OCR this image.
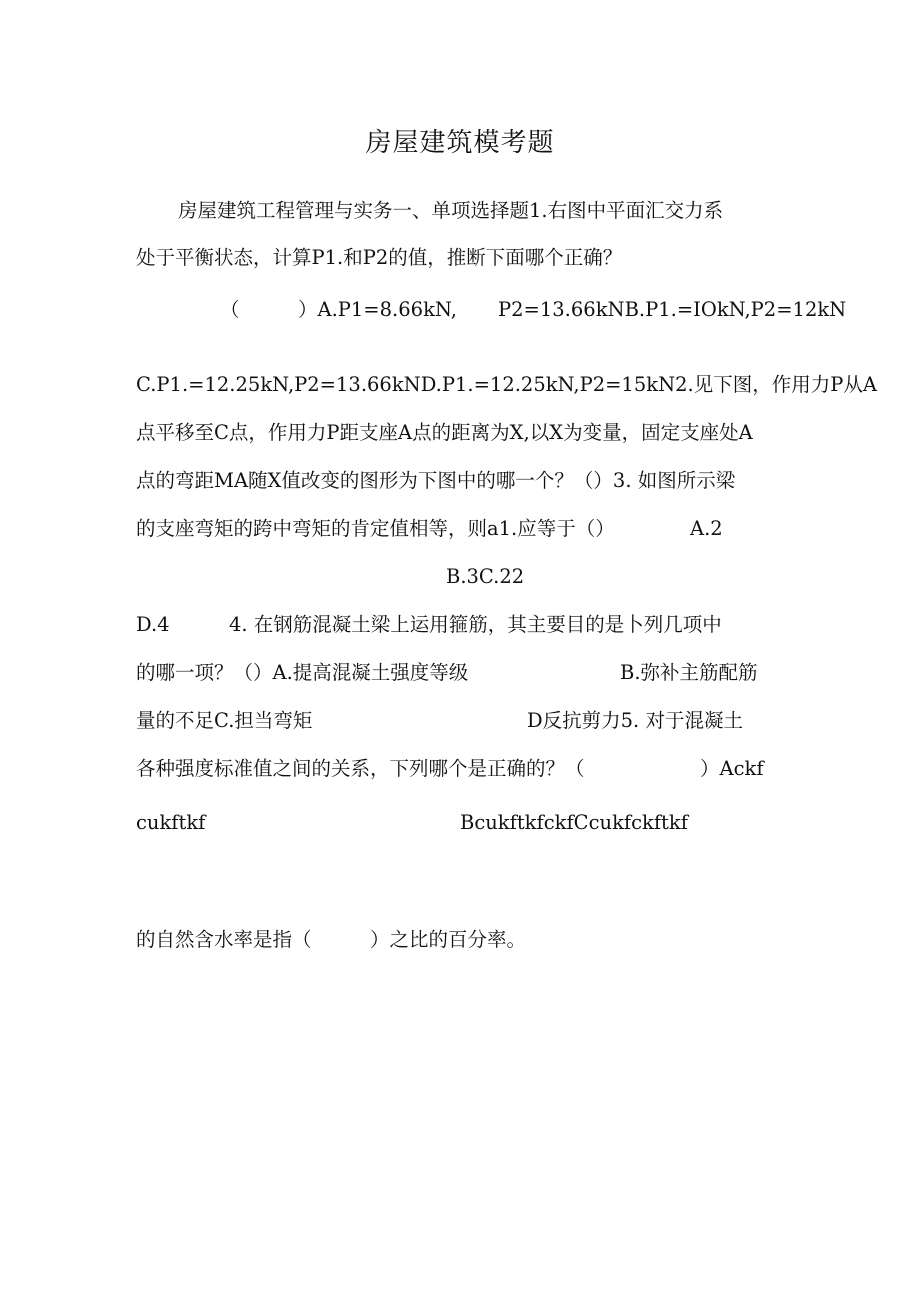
房屋建筑模考题
房屋建筑工程管理与实务一、单项选择题1.右图中平面汇交力系
处于平衡状态，计算P1.和P2的值，推断下面哪个正确？
（　　　）A.P1=8.66kN, P2=13.66kNB.P1.=IOkN,P2=12kN
C.P1.=12.25kN,P2=13.66kND.P1.=12.25kN,P2=15kN2.见下图，作用力P从A
点平移至C点，作用力P距支座A点的距离为X,以X为变量，固定支座处A
点的弯距MA随X值改变的图形为下图中的哪一个？（）3. 如图所示梁
的支座弯矩的跨中弯矩的肯定值相等，则a1.应等于（）	A.2
B.3C.22
D.4	4. 在钢筋混凝土梁上运用箍筋，其主要目的是卜列几项中
的哪一项？（）A.提高混凝土强度等级	B.弥补主筋配筋
量的不足C.担当弯矩	D反抗剪力5. 对于混凝土
各种强度标准值之间的关系，下列哪个是正确的？（	）Ackf
cukftkf	BcukftkfckfCcukfckftkf
的自然含水率是指（　　　）之比的百分率。
